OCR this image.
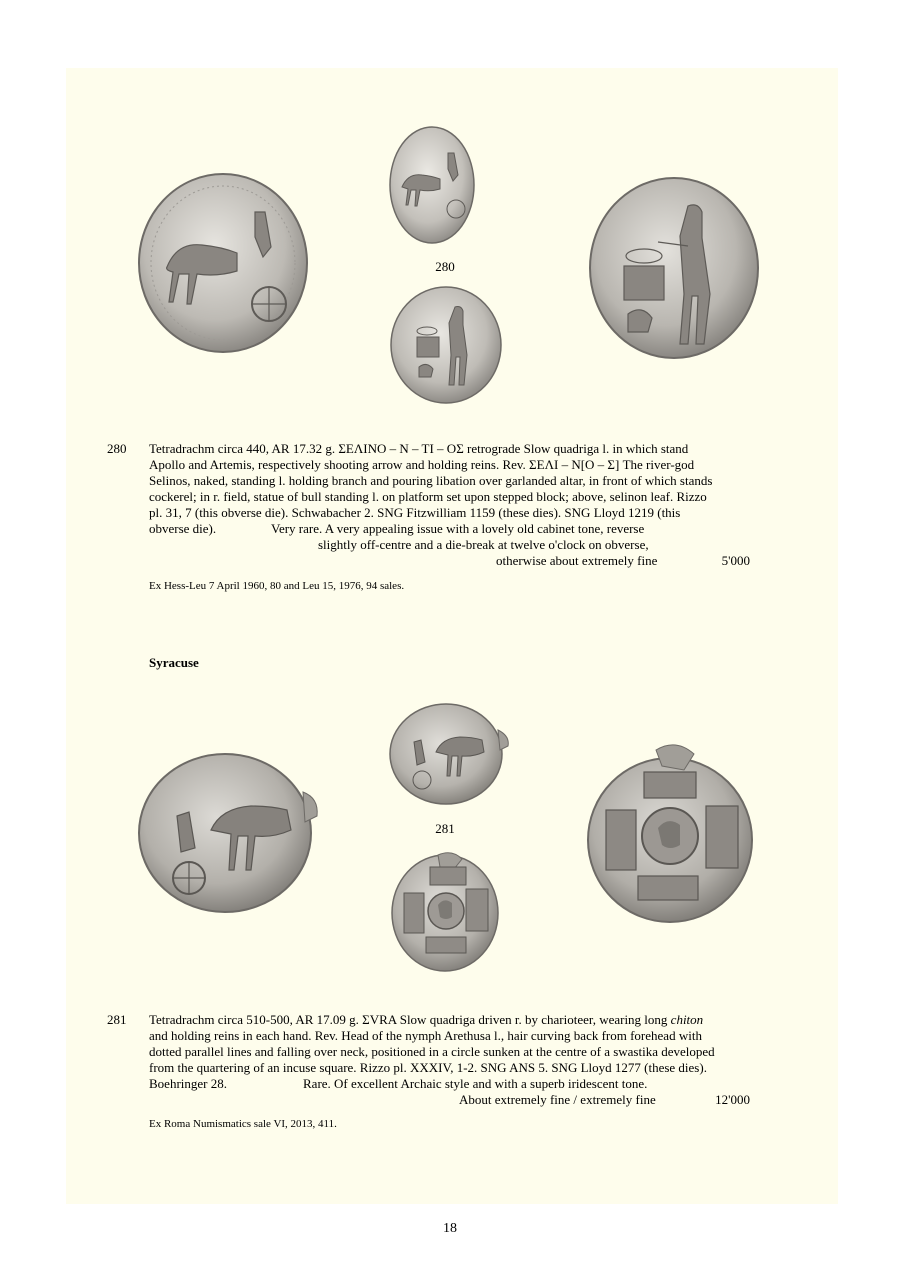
280
280 Tetradrachm circa 440, AR 17.32 g. ΣΕΛΙΝΟ – Ν – ΤΙ – ΟΣ retrograde Slow quadriga l. in which stand
Apollo and Artemis, respectively shooting arrow and holding reins. Rev. ΣΕΛΙ – Ν[Ο – Σ] The river-god
Selinos, naked, standing l. holding branch and pouring libation over garlanded altar, in front of which stands
cockerel; in r. field, statue of bull standing l. on platform set upon stepped block; above, selinon leaf. Rizzo
pl. 31, 7 (this obverse die). Schwabacher 2. SNG Fitzwilliam 1159 (these dies). SNG Lloyd 1219 (this
obverse die).	Very rare. A very appealing issue with a lovely old cabinet tone, reverse
slightly off-centre and a die-break at twelve o'clock on obverse,
otherwise about extremely fine	5'000
Ex Hess-Leu 7 April 1960, 80 and Leu 15, 1976, 94 sales.
Syracuse
281
281 Tetradrachm circa 510-500, AR 17.09 g. ΣVRA Slow quadriga driven r. by charioteer, wearing long chiton
and holding reins in each hand. Rev. Head of the nymph Arethusa l., hair curving back from forehead with
dotted parallel lines and falling over neck, positioned in a circle sunken at the centre of a swastika developed
from the quartering of an incuse square. Rizzo pl. XXXIV, 1-2. SNG ANS 5. SNG Lloyd 1277 (these dies).
Boehringer 28.	Rare. Of excellent Archaic style and with a superb iridescent tone.
About extremely fine / extremely fine	12'000
Ex Roma Numismatics sale VI, 2013, 411.
18
